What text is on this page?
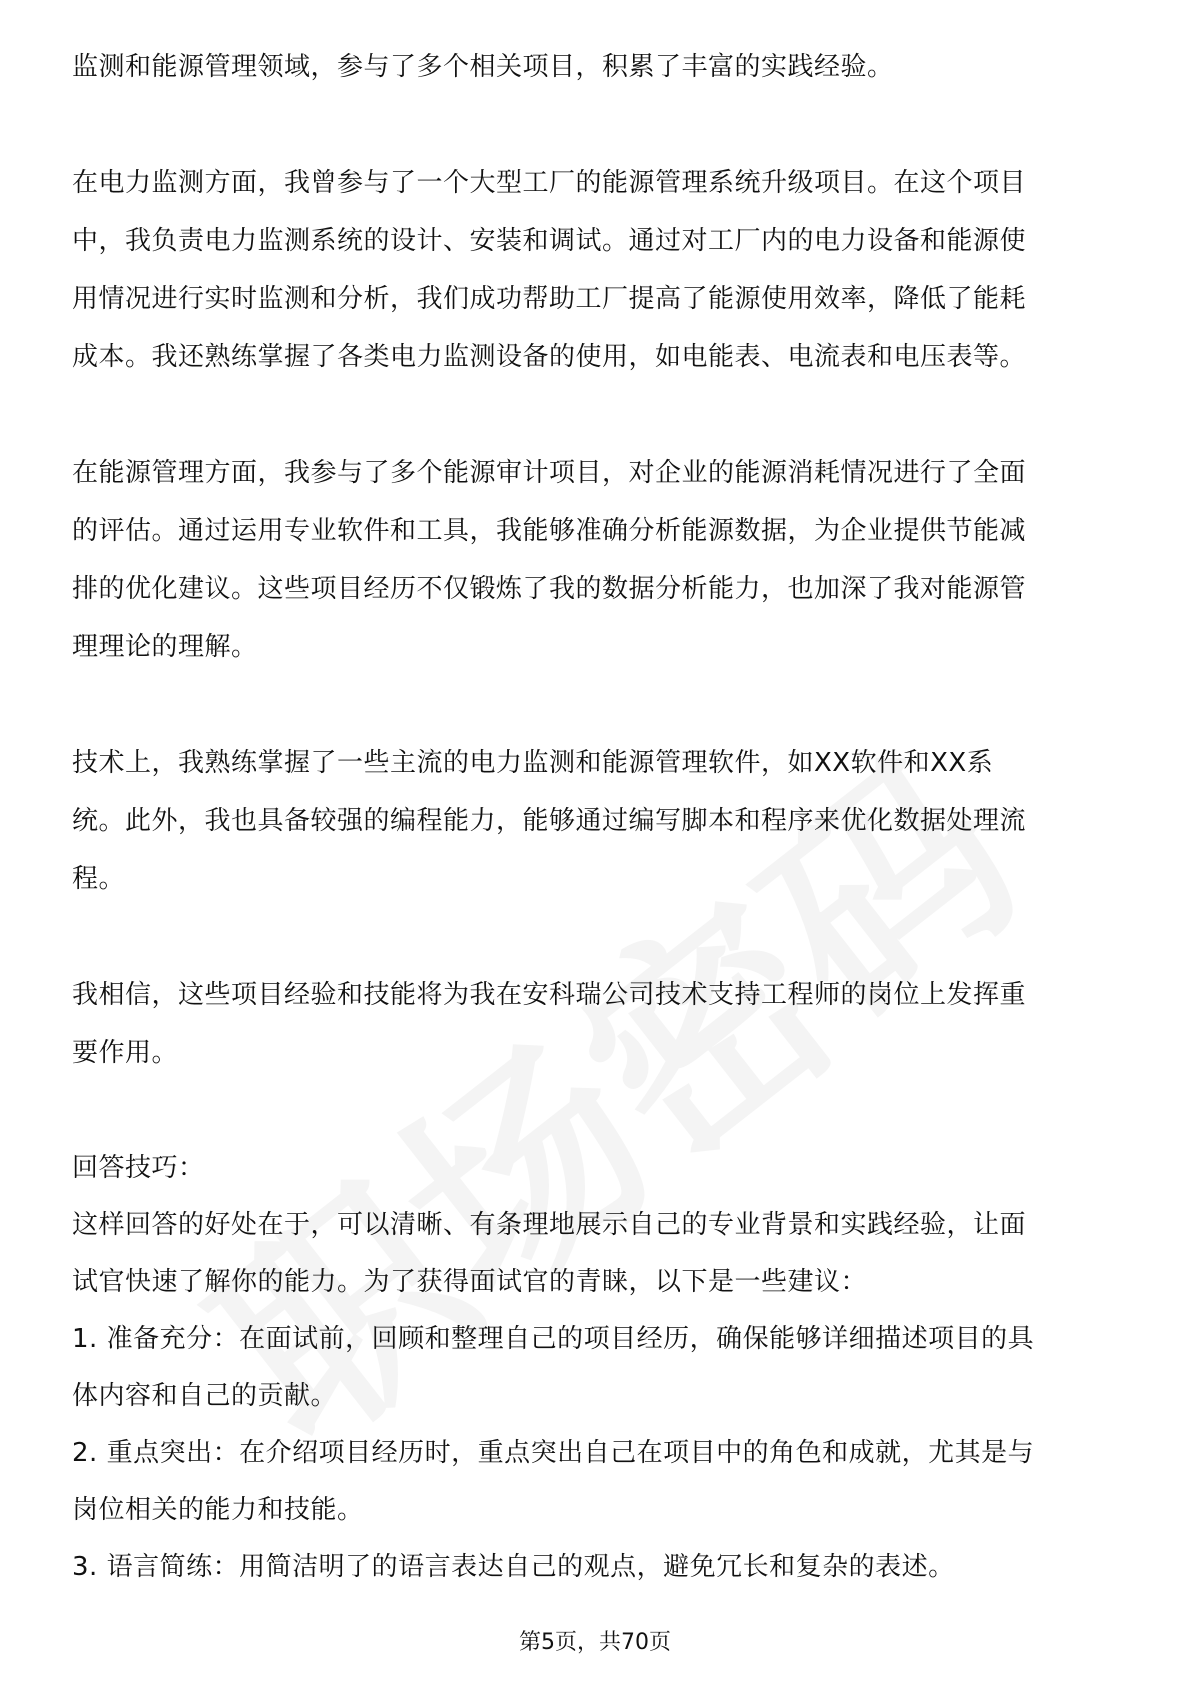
监测和能源管理领域，参与了多个相关项目，积累了丰富的实践经验。

在电力监测方面，我曾参与了一个大型工厂的能源管理系统升级项目。在这个项目

中，我负责电力监测系统的设计、安装和调试。通过对工厂内的电力设备和能源使

用情况进行实时监测和分析，我们成功帮助工厂提高了能源使用效率，降低了能耗

成本。我还熟练掌握了各类电力监测设备的使用，如电能表、电流表和电压表等。

在能源管理方面，我参与了多个能源审计项目，对企业的能源消耗情况进行了全面

的评估。通过运用专业软件和工具，我能够准确分析能源数据，为企业提供节能减

排的优化建议。这些项目经历不仅锻炼了我的数据分析能力，也加深了我对能源管

理理论的理解。

技术上，我熟练掌握了一些主流的电力监测和能源管理软件，如XX软件和XX系

统。此外，我也具备较强的编程能力，能够通过编写脚本和程序来优化数据处理流

程。

我相信，这些项目经验和技能将为我在安科瑞公司技术支持工程师的岗位上发挥重

要作用。

回答技巧：

这样回答的好处在于，可以清晰、有条理地展示自己的专业背景和实践经验，让面

试官快速了解你的能力。为了获得面试官的青睐，以下是一些建议：

1. 准备充分：在面试前，回顾和整理自己的项目经历，确保能够详细描述项目的具

体内容和自己的贡献。

2. 重点突出：在介绍项目经历时，重点突出自己在项目中的角色和成就，尤其是与

岗位相关的能力和技能。

3. 语言简练：用简洁明了的语言表达自己的观点，避免冗长和复杂的表述。

第5页，共70页
